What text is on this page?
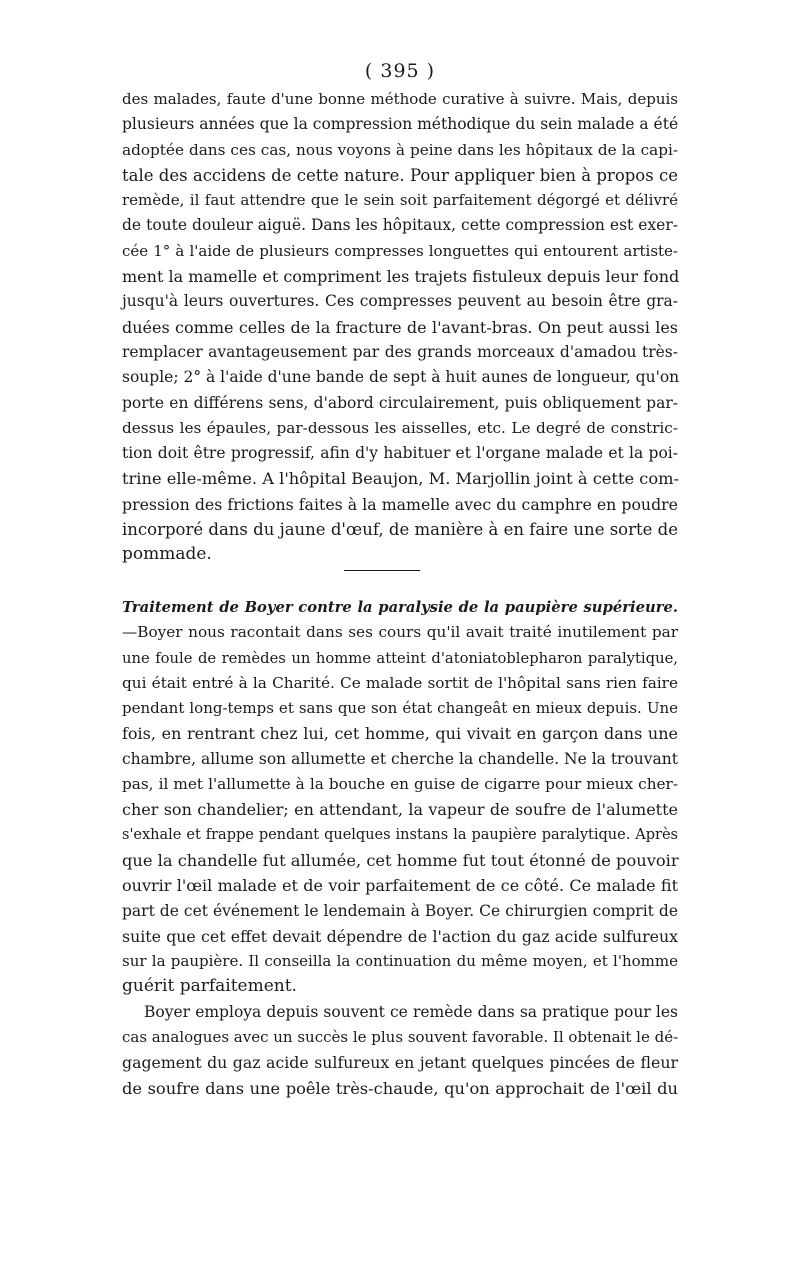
( 395 )
des malades, faute d'une bonne méthode curative à suivre. Mais, depuis
plusieurs années que la compression méthodique du sein malade a été
adoptée dans ces cas, nous voyons à peine dans les hôpitaux de la capi-
tale des accidens de cette nature. Pour appliquer bien à propos ce
remède, il faut attendre que le sein soit parfaitement dégorgé et délivré
de toute douleur aiguë. Dans les hôpitaux, cette compression est exer-
cée 1° à l'aide de plusieurs compresses longuettes qui entourent artiste-
ment la mamelle et compriment les trajets fistuleux depuis leur fond
jusqu'à leurs ouvertures. Ces compresses peuvent au besoin être gra-
duées comme celles de la fracture de l'avant-bras. On peut aussi les
remplacer avantageusement par des grands morceaux d'amadou très-
souple; 2° à l'aide d'une bande de sept à huit aunes de longueur, qu'on
porte en différens sens, d'abord circulairement, puis obliquement par-
dessus les épaules, par-dessous les aisselles, etc. Le degré de constric-
tion doit être progressif, afin d'y habituer et l'organe malade et la poi-
trine elle-même. A l'hôpital Beaujon, M. Marjollin joint à cette com-
pression des frictions faites à la mamelle avec du camphre en poudre
incorporé dans du jaune d'œuf, de manière à en faire une sorte de
pommade.
Traitement de Boyer contre la paralysie de la paupière supérieure.
—Boyer nous racontait dans ses cours qu'il avait traité inutilement par
une foule de remèdes un homme atteint d'atoniatoblepharon paralytique,
qui était entré à la Charité. Ce malade sortit de l'hôpital sans rien faire
pendant long-temps et sans que son état changeât en mieux depuis. Une
fois, en rentrant chez lui, cet homme, qui vivait en garçon dans une
chambre, allume son allumette et cherche la chandelle. Ne la trouvant
pas, il met l'allumette à la bouche en guise de cigarre pour mieux cher-
cher son chandelier; en attendant, la vapeur de soufre de l'alumette
s'exhale et frappe pendant quelques instans la paupière paralytique. Après
que la chandelle fut allumée, cet homme fut tout étonné de pouvoir
ouvrir l'œil malade et de voir parfaitement de ce côté. Ce malade fit
part de cet événement le lendemain à Boyer. Ce chirurgien comprit de
suite que cet effet devait dépendre de l'action du gaz acide sulfureux
sur la paupière. Il conseilla la continuation du même moyen, et l'homme
guérit parfaitement.
Boyer employa depuis souvent ce remède dans sa pratique pour les
cas analogues avec un succès le plus souvent favorable. Il obtenait le dé-
gagement du gaz acide sulfureux en jetant quelques pincées de fleur
de soufre dans une poêle très-chaude, qu'on approchait de l'œil du
